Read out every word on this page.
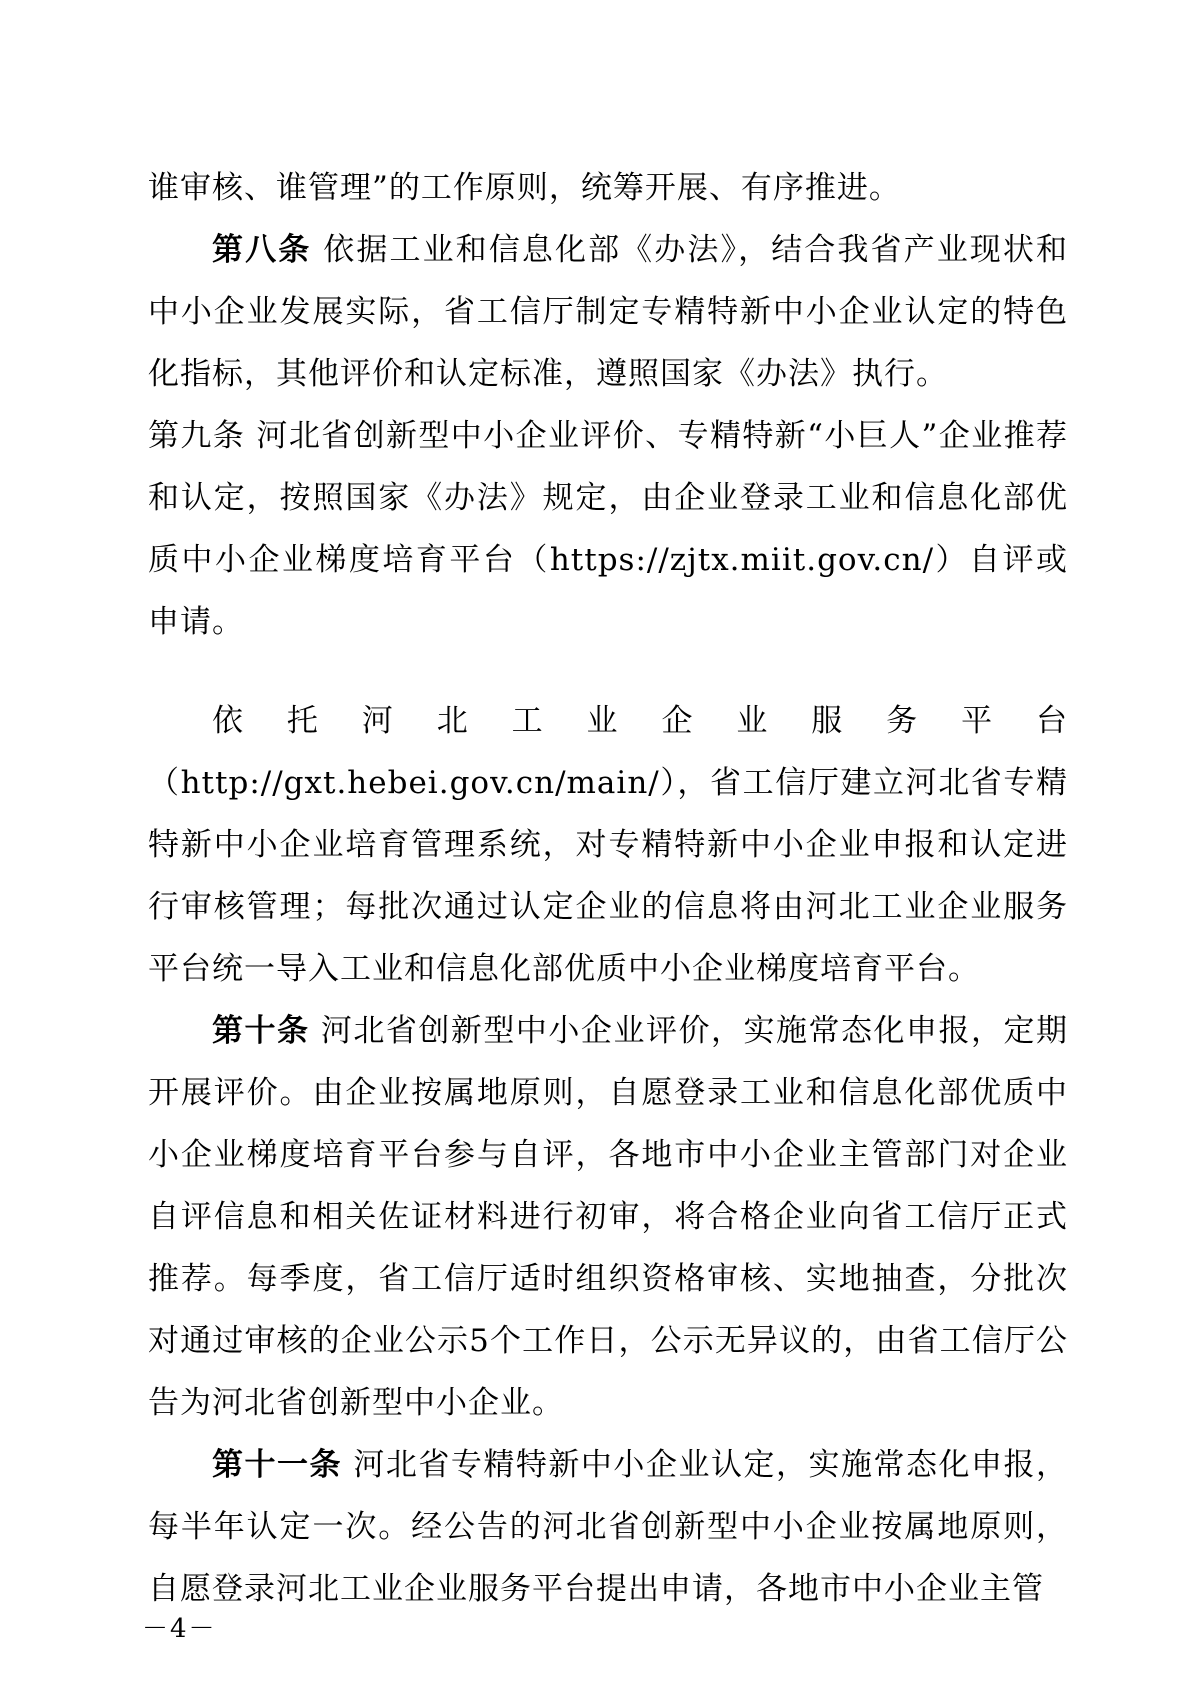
谁审核、谁管理”的工作原则，统筹开展、有序推进。

第八条 依据工业和信息化部《办法》，结合我省产业现状和中小企业发展实际，省工信厅制定专精特新中小企业认定的特色化指标，其他评价和认定标准，遵照国家《办法》执行。

第九条 河北省创新型中小企业评价、专精特新“小巨人”企业推荐和认定，按照国家《办法》规定，由企业登录工业和信息化部优质中小企业梯度培育平台（https://zjtx.miit.gov.cn/）自评或申请。

依托河北工业企业服务平台（http://gxt.hebei.gov.cn/main/），省工信厅建立河北省专精特新中小企业培育管理系统，对专精特新中小企业申报和认定进行审核管理；每批次通过认定企业的信息将由河北工业企业服务平台统一导入工业和信息化部优质中小企业梯度培育平台。

第十条 河北省创新型中小企业评价，实施常态化申报，定期开展评价。由企业按属地原则，自愿登录工业和信息化部优质中小企业梯度培育平台参与自评，各地市中小企业主管部门对企业自评信息和相关佐证材料进行初审，将合格企业向省工信厅正式推荐。每季度，省工信厅适时组织资格审核、实地抽查，分批次对通过审核的企业公示5个工作日，公示无异议的，由省工信厅公告为河北省创新型中小企业。

第十一条 河北省专精特新中小企业认定，实施常态化申报，每半年认定一次。经公告的河北省创新型中小企业按属地原则，自愿登录河北工业企业服务平台提出申请，各地市中小企业主管

－4－
